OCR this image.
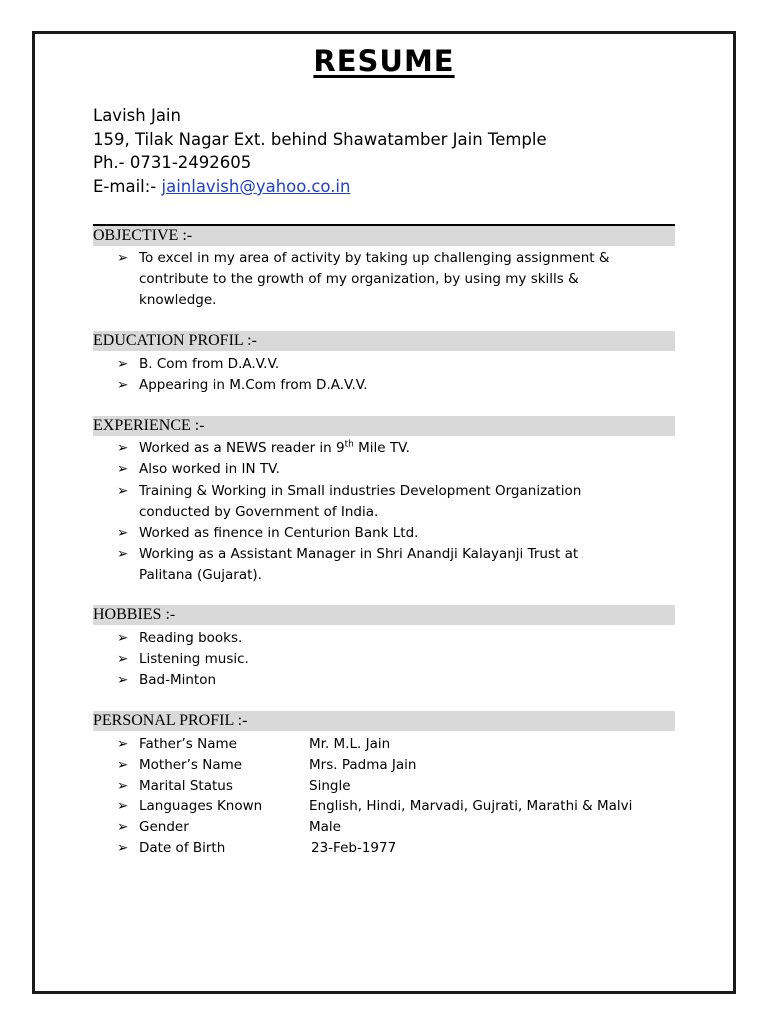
RESUME
Lavish Jain
159, Tilak Nagar Ext. behind Shawatamber Jain Temple
Ph.- 0731-2492605
E-mail:- jainlavish@yahoo.co.in
OBJECTIVE :-
➢ To excel in my area of activity by taking up challenging assignment &
contribute to the growth of my organization, by using my skills &
knowledge.
EDUCATION PROFIL :-
➢ B. Com from D.A.V.V.
➢ Appearing in M.Com from D.A.V.V.
EXPERIENCE :-
➢ Worked as a NEWS reader in 9th Mile TV.
➢ Also worked in IN TV.
➢ Training & Working in Small industries Development Organization
conducted by Government of India.
➢ Worked as finence in Centurion Bank Ltd.
➢ Working as a Assistant Manager in Shri Anandji Kalayanji Trust at
Palitana (Gujarat).
HOBBIES :-
➢ Reading books.
➢ Listening music.
➢ Bad-Minton
PERSONAL PROFIL :-
➢ Father’s Name	Mr. M.L. Jain
➢ Mother’s Name	Mrs. Padma Jain
➢ Marital Status	Single
➢ Languages Known	English, Hindi, Marvadi, Gujrati, Marathi & Malvi
➢ Gender	Male
➢ Date of Birth	23-Feb-1977
